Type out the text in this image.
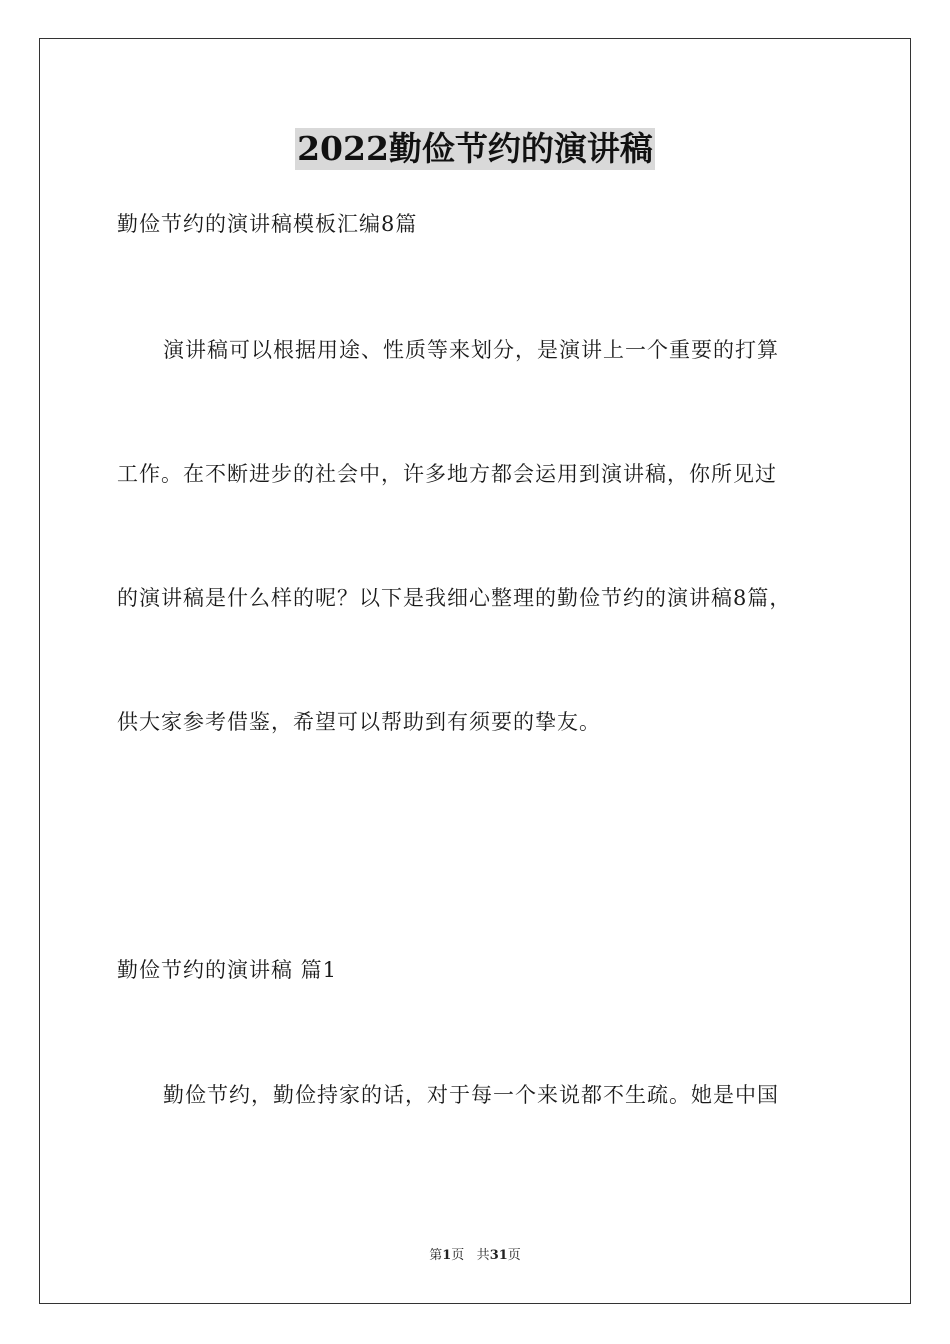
2022勤俭节约的演讲稿
勤俭节约的演讲稿模板汇编8篇
演讲稿可以根据用途、性质等来划分，是演讲上一个重要的打算
工作。在不断进步的社会中，许多地方都会运用到演讲稿，你所见过
的演讲稿是什么样的呢？以下是我细心整理的勤俭节约的演讲稿8篇，
供大家参考借鉴，希望可以帮助到有须要的挚友。
勤俭节约的演讲稿 篇1
勤俭节约，勤俭持家的话，对于每一个来说都不生疏。她是中国
第1页 共31页
